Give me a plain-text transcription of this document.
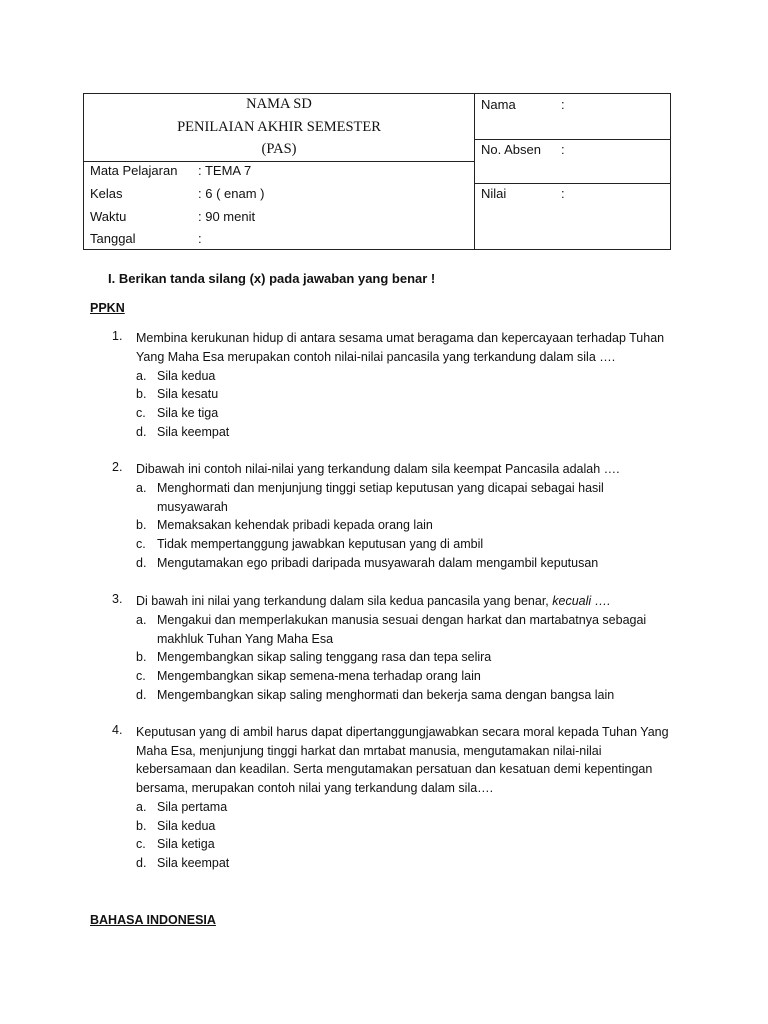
NAMA SD
PENILAIAN AKHIR SEMESTER
(PAS)
Mata Pelajaran : TEMA 7
Kelas	: 6 ( enam )
Waktu	: 90 menit
Tanggal	:
Nama	:
No. Absen :
Nilai	:
I. Berikan tanda silang (x) pada jawaban yang benar !
PPKN
1. Membina kerukunan hidup di antara sesama umat beragama dan kepercayaan terhadap Tuhan Yang Maha Esa merupakan contoh nilai-nilai pancasila yang terkandung dalam sila ….
a. Sila kedua
b. Sila kesatu
c. Sila ke tiga
d. Sila keempat
2. Dibawah ini contoh nilai-nilai yang terkandung dalam sila keempat Pancasila adalah ….
a. Menghormati dan menjunjung tinggi setiap keputusan yang dicapai sebagai hasil musyawarah
b. Memaksakan kehendak pribadi kepada orang lain
c. Tidak mempertanggung jawabkan keputusan yang di ambil
d. Mengutamakan ego pribadi daripada musyawarah dalam mengambil keputusan
3. Di bawah ini nilai yang terkandung dalam sila kedua pancasila yang benar, kecuali ….
a. Mengakui dan memperlakukan manusia sesuai dengan harkat dan martabatnya sebagai makhluk Tuhan Yang Maha Esa
b. Mengembangkan sikap saling tenggang rasa dan tepa selira
c. Mengembangkan sikap semena-mena terhadap orang lain
d. Mengembangkan sikap saling menghormati dan bekerja sama dengan bangsa lain
4. Keputusan yang di ambil harus dapat dipertanggungjawabkan secara moral kepada Tuhan Yang Maha Esa, menjunjung tinggi harkat dan mrtabat manusia, mengutamakan nilai-nilai kebersamaan dan keadilan. Serta mengutamakan persatuan dan kesatuan demi kepentingan bersama, merupakan contoh nilai yang terkandung dalam sila….
a. Sila pertama
b. Sila kedua
c. Sila ketiga
d. Sila keempat
BAHASA INDONESIA
